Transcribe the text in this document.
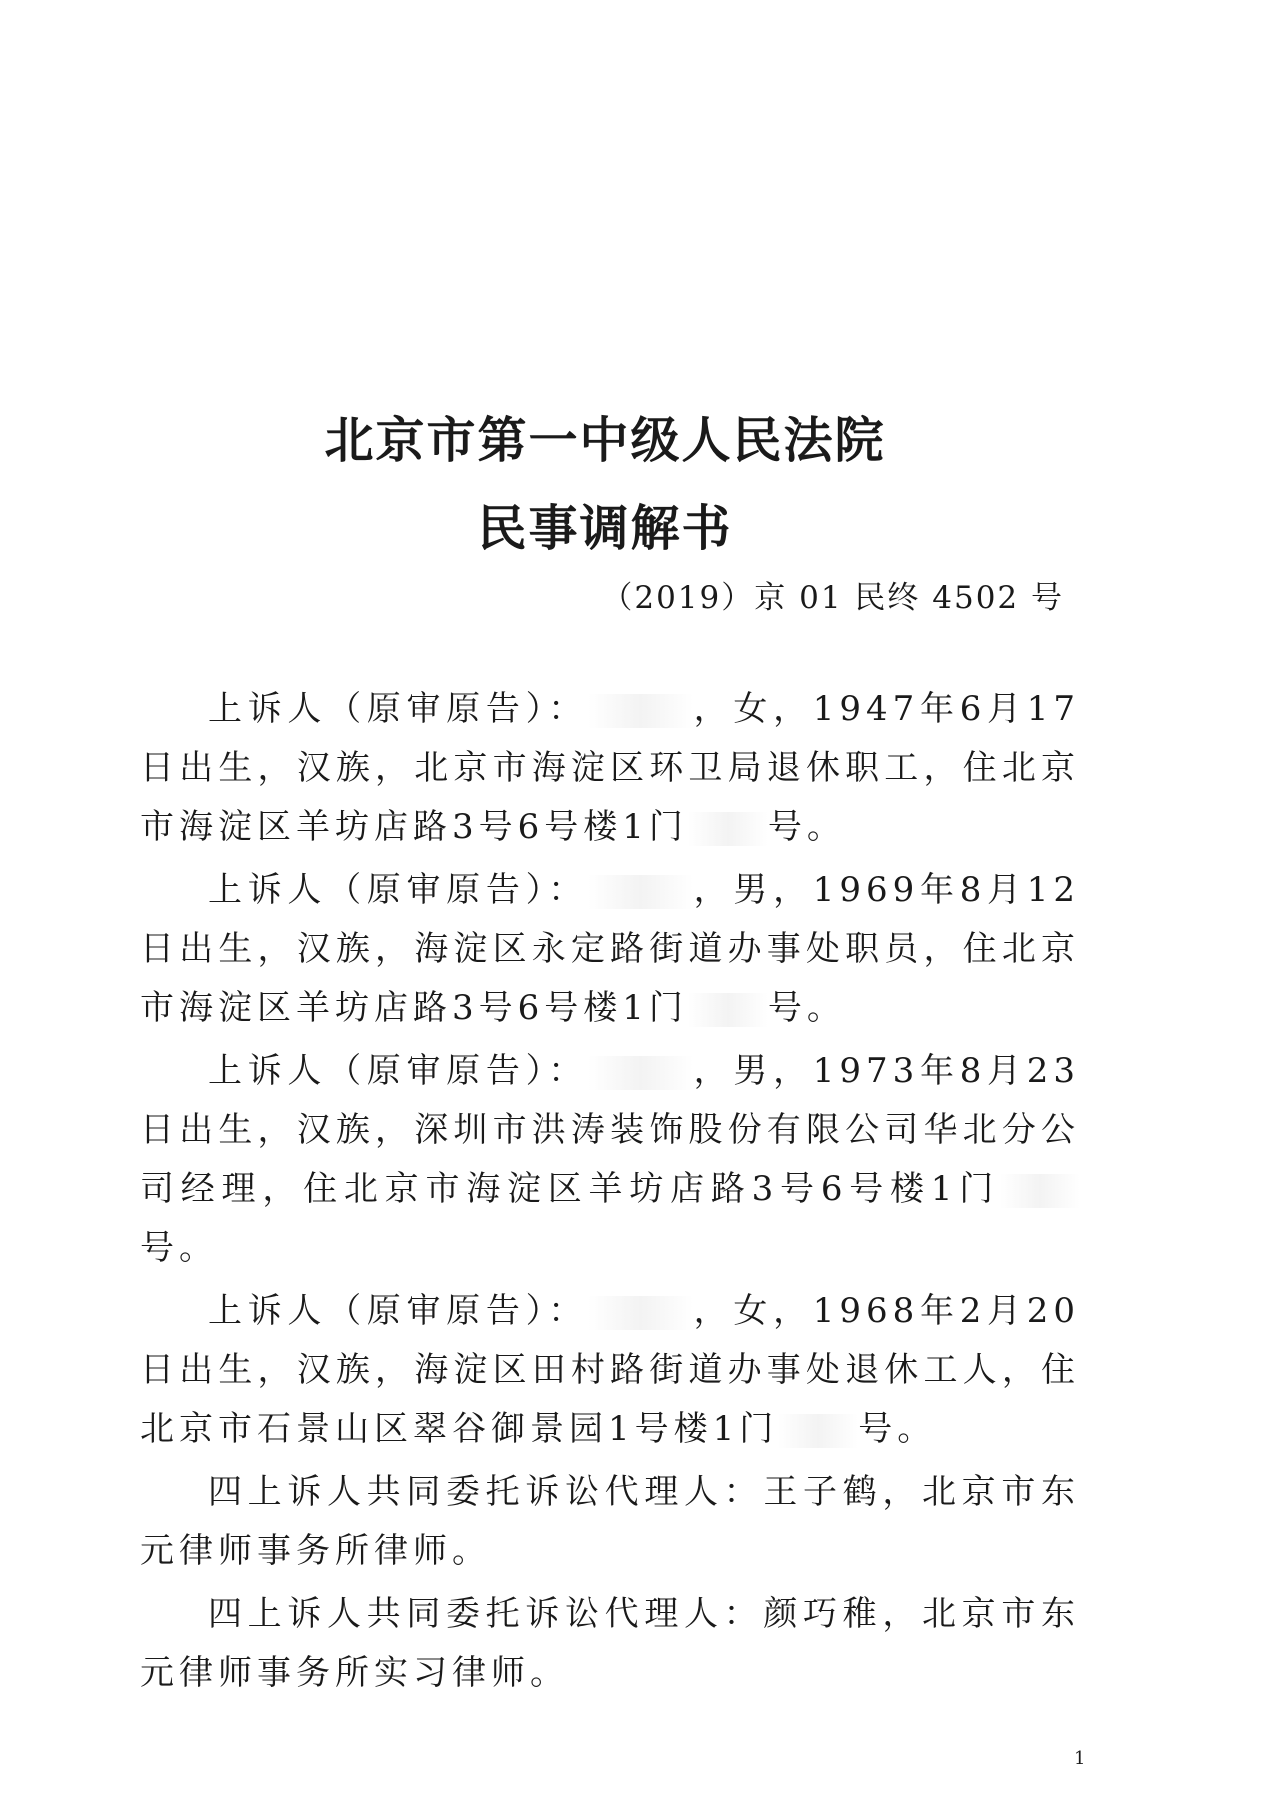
北京市第一中级人民法院
民事调解书
（2019）京 01 民终 4502 号

上诉人（原审原告）：	，女，1947年6月17日出生，汉族，北京市海淀区环卫局退休职工，住北京市海淀区羊坊店路3号6号楼1门 号。

上诉人（原审原告）：	，男，1969年8月12日出生，汉族，海淀区永定路街道办事处职员，住北京市海淀区羊坊店路3号6号楼1门 号。

上诉人（原审原告）：	，男，1973年8月23日出生，汉族，深圳市洪涛装饰股份有限公司华北分公司经理，住北京市海淀区羊坊店路3号6号楼1门号。

上诉人（原审原告）：	，女，1968年2月20日出生，汉族，海淀区田村路街道办事处退休工人，住北京市石景山区翠谷御景园1号楼1门 号。

四上诉人共同委托诉讼代理人：王子鹤，北京市东元律师事务所律师。

四上诉人共同委托诉讼代理人：颜巧稚，北京市东元律师事务所实习律师。

1
